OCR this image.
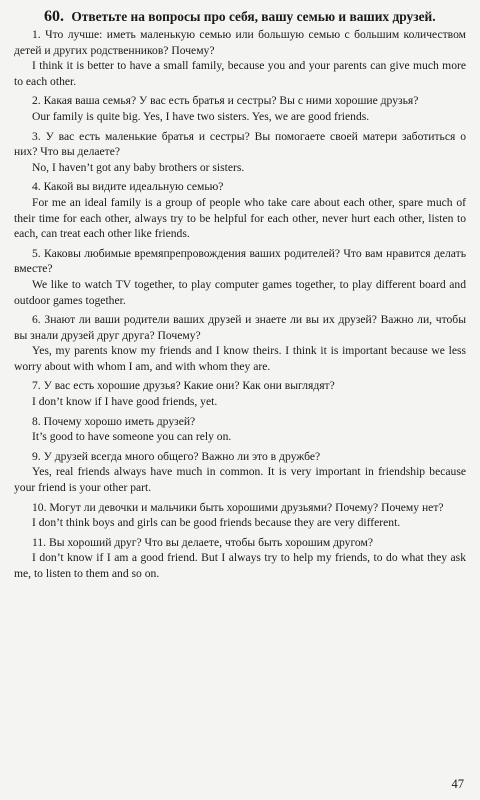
60. Ответьте на вопросы про себя, вашу семью и ваших друзей.

1. Что лучше: иметь маленькую семью или большую семью с большим количеством детей и других родственников? Почему?

I think it is better to have a small family, because you and your parents can give much more to each other.

2. Какая ваша семья? У вас есть братья и сестры? Вы с ними хорошие друзья?

Our family is quite big. Yes, I have two sisters. Yes, we are good friends.

3. У вас есть маленькие братья и сестры? Вы помогаете своей матери заботиться о них? Что вы делаете?

No, I haven’t got any baby brothers or sisters.

4. Какой вы видите идеальную семью?

For me an ideal family is a group of people who take care about each other, spare much of their time for each other, always try to be helpful for each other, never hurt each other, listen to each, can treat each other like friends.

5. Каковы любимые времяпрепровождения ваших родителей? Что вам нравится делать вместе?

We like to watch TV together, to play computer games together, to play different board and outdoor games together.

6. Знают ли ваши родители ваших друзей и знаете ли вы их друзей? Важно ли, чтобы вы знали друзей друг друга? Почему?

Yes, my parents know my friends and I know theirs. I think it is important because we less worry about with whom I am, and with whom they are.

7. У вас есть хорошие друзья? Какие они? Как они выглядят?

I don’t know if I have good friends, yet.

8. Почему хорошо иметь друзей?

It’s good to have someone you can rely on.

9. У друзей всегда много общего? Важно ли это в дружбе?

Yes, real friends always have much in common. It is very important in friendship because your friend is your other part.

10. Могут ли девочки и мальчики быть хорошими друзьями? Почему? Почему нет?

I don’t think boys and girls can be good friends because they are very different.

11. Вы хороший друг? Что вы делаете, чтобы быть хорошим другом?

I don’t know if I am a good friend. But I always try to help my friends, to do what they ask me, to listen to them and so on.

47
